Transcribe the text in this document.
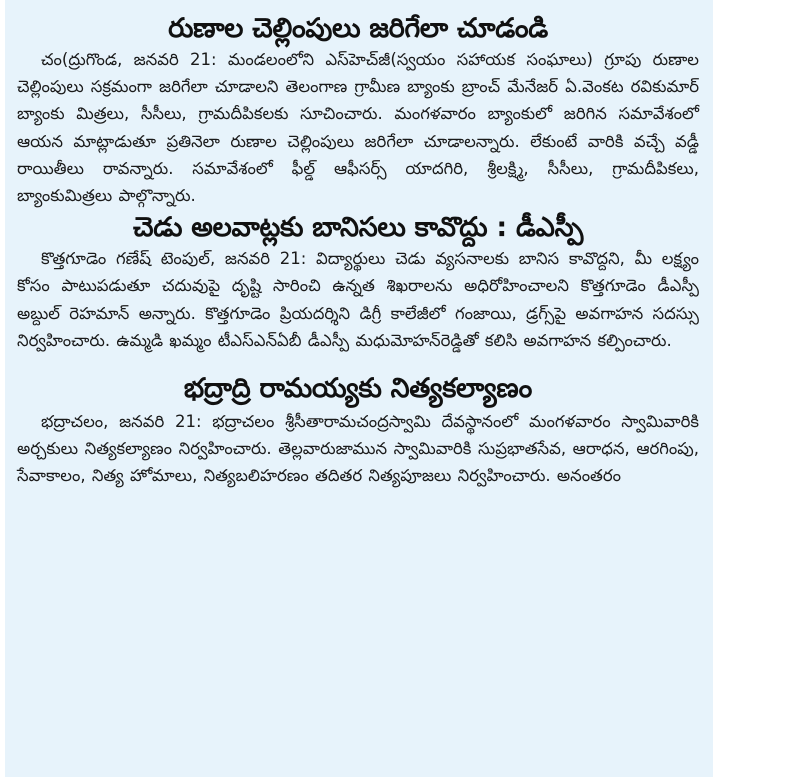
రుణాల చెల్లింపులు జరిగేలా చూడండి

చం(ద్రుగొండ, జనవరి 21: మండలంలోని ఎస్‌హెచ్‌జీ(స్వయం సహాయక సంఘాలు) గ్రూపు రుణాల చెల్లింపులు సక్రమంగా జరిగేలా చూడాలని తెలంగాణ గ్రామీణ బ్యాంకు బ్రాంచ్ మేనేజర్ ఏ.వెంకట రవికుమార్ బ్యాంకు మిత్రలు, సీసీలు, గ్రామదీపికలకు సూచించారు. మంగళవారం బ్యాంకులో జరిగిన సమావేశంలో ఆయన మాట్లాడుతూ ప్రతినెలా రుణాల చెల్లింపులు జరిగేలా చూడాలన్నారు. లేకుంటే వారికి వచ్చే వడ్డీ రాయితీలు రావన్నారు. సమావేశంలో ఫీల్డ్ ఆఫీసర్స్ యాదగిరి, శ్రీలక్ష్మి, సీసీలు, గ్రామదీపికలు, బ్యాంకుమిత్రలు పాల్గొన్నారు.

చెడు అలవాట్లకు బానిసలు కావొద్దు : డీఎస్పీ

కొత్తగూడెం గణేష్ టెంపుల్, జనవరి 21: విద్యార్థులు చెడు వ్యసనాలకు బానిస కావొద్దని, మీ లక్ష్యం కోసం పాటుపడుతూ చదువుపై దృష్టి సారించి ఉన్నత శిఖరాలను అధిరోహించాలని కొత్తగూడెం డీఎస్పీ అబ్దుల్ రెహమాన్ అన్నారు. కొత్తగూడెం ప్రియదర్శిని డిగ్రీ కాలేజీలో గంజాయి, డ్రగ్స్‌పై అవగాహన సదస్సు నిర్వహించారు. ఉమ్మడి ఖమ్మం టీఎస్ఎన్ఏబీ డీఎస్పీ మధుమోహన్‌రెడ్డితో కలిసి అవగాహన కల్పించారు.

భద్రాద్రి రామయ్యకు నిత్యకల్యాణం

భద్రాచలం, జనవరి 21: భద్రాచలం శ్రీసీతారామచంద్రస్వామి దేవస్థానంలో మంగళవారం స్వామివారికి అర్చకులు నిత్యకల్యాణం నిర్వహించారు. తెల్లవారుజామున స్వామివారికి సుప్రభాతసేవ, ఆరాధన, ఆరగింపు, సేవాకాలం, నిత్య హోమాలు, నిత్యబలిహరణం తదితర నిత్యపూజలు నిర్వహించారు. అనంతరం
